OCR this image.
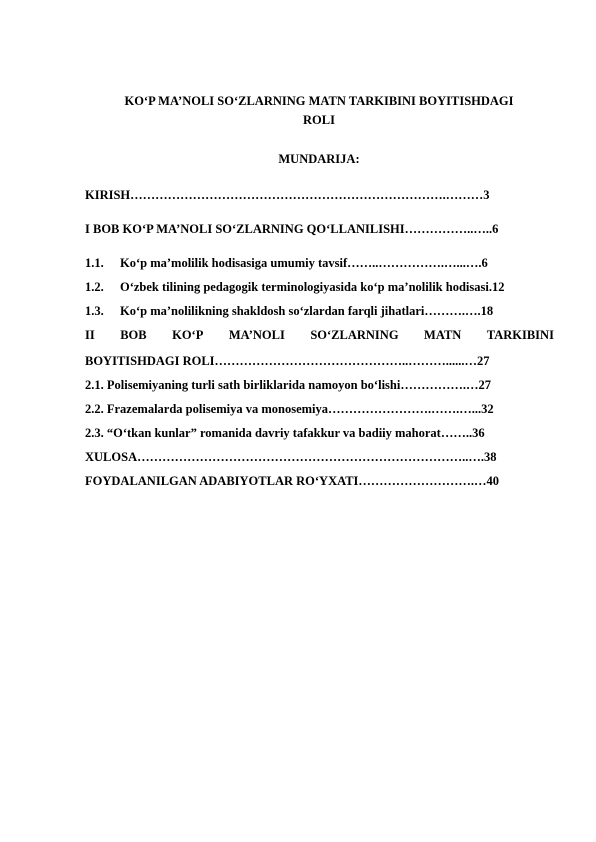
KO‘P MA’NOLI SO‘ZLARNING MATN TARKIBINI BOYITISHDAGI
ROLI
MUNDARIJA:
KIRISH………………………………………………………………….………3
I BOB KO‘P MA’NOLI SO‘ZLARNING QO‘LLANILISHI……………..…..6
1.1. Ko‘p ma’molilik hodisasiga umumiy tavsif……..…………….…...….6
1.2. O‘zbek tilining pedagogik terminologiyasida ko‘p ma’nolilik hodisasi.12
1.3. Ko‘p ma’nolilikning shakldosh so‘zlardan farqli jihatlari……….….18
II BOB KO‘P MA’NOLI SO‘ZLARNING MATN TARKIBINI
BOYITISHDAGI ROLI………………………………………..………......…27
2.1. Polisemiyaning turli sath birliklarida namoyon bo‘lishi…………….…27
2.2. Frazemalarda polisemiya va monosemiya…………………….…….…...32
2.3. “O‘tkan kunlar” romanida davriy tafakkur va badiiy mahorat……..36
XULOSA……………………………………………………………………..….38
FOYDALANILGAN ADABIYOTLAR RO‘YXATI……………………….…40
